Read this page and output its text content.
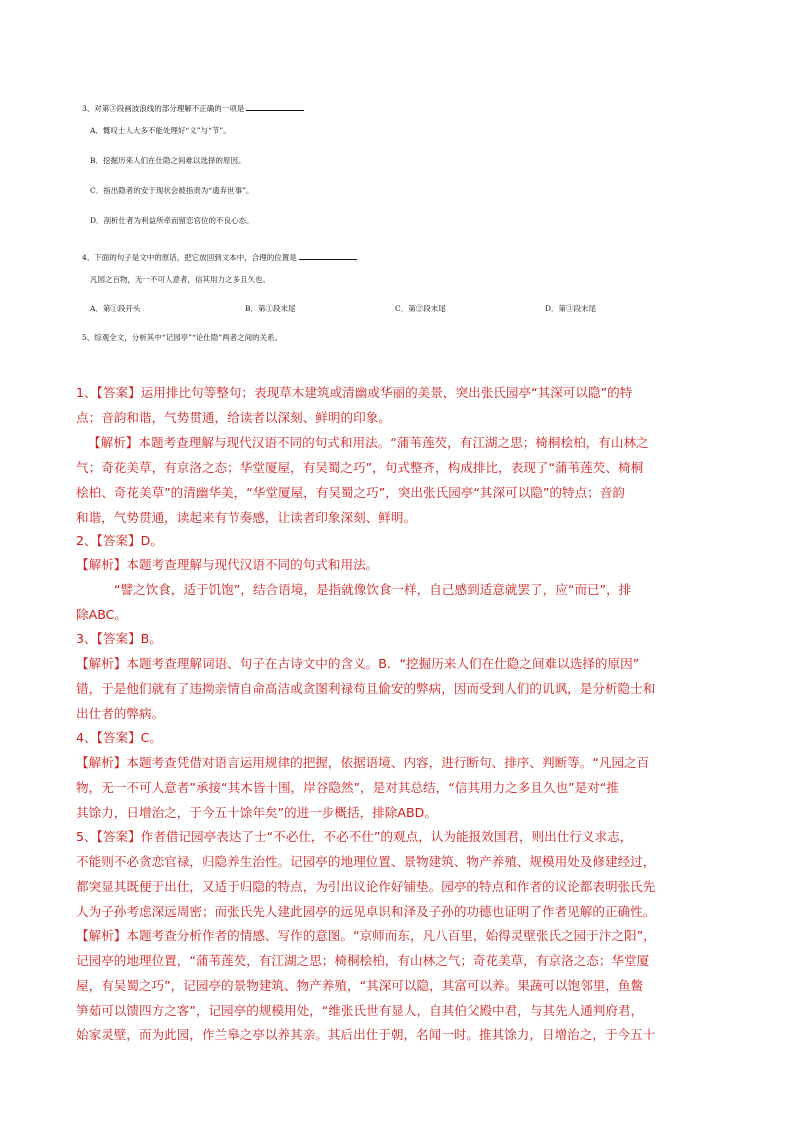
3、对第③段画波浪线的部分理解不正确的一项是
A．慨叹士人大多不能处理好“义”与“节”。
B．挖掘历来人们在仕隐之间难以选择的原因。
C．指出隐者的安于现状会被指责为“遗弃世事”。
D．剖析仕者为利益所牵而留恋官位的不良心态。
4、下面的句子是文中的原话，把它放回到文本中，合理的位置是
凡园之百物，无一不可人意者，信其用力之多且久也。
A．第①段开头	B．第①段末尾	C．第②段末尾	D．第③段末尾
5、综观全文，分析其中“记园亭”“论仕隐”两者之间的关系。
1、【答案】运用排比句等整句；表现草木建筑或清幽或华丽的美景，突出张氏园亭“其深可以隐”的特
点；音韵和谐，气势贯通，给读者以深刻、鲜明的印象。
【解析】本题考查理解与现代汉语不同的句式和用法。“蒲苇莲芡，有江湖之思；椅桐桧柏，有山林之
气；奇花美草，有京洛之态；华堂厦屋，有吴蜀之巧”，句式整齐，构成排比，表现了“蒲苇莲芡、椅桐
桧柏、奇花美草”的清幽华美，“华堂厦屋，有吴蜀之巧”，突出张氏园亭“其深可以隐”的特点；音韵
和谐，气势贯通，读起来有节奏感，让读者印象深刻、鲜明。
2、【答案】D。
【解析】本题考查理解与现代汉语不同的句式和用法。
“譬之饮食，适于饥饱”，结合语境，是指就像饮食一样，自己感到适意就罢了，应“而已”，排
除ABC。
3、【答案】B。
【解析】本题考查理解词语、句子在古诗文中的含义。B．“挖掘历来人们在仕隐之间难以选择的原因”
错，于是他们就有了违拗亲情自命高洁或贪图利禄苟且偷安的弊病，因而受到人们的讥讽，是分析隐士和
出仕者的弊病。
4、【答案】C。
【解析】本题考查凭借对语言运用规律的把握，依据语境、内容，进行断句、排序、判断等。“凡园之百
物，无一不可人意者”承接“其木皆十围，岸谷隐然”，是对其总结，“信其用力之多且久也”是对“推
其馀力，日增治之，于今五十馀年矣”的进一步概括，排除ABD。
5、【答案】作者借记园亭表达了士“不必仕，不必不仕”的观点，认为能报效国君，则出仕行义求志，
不能则不必贪恋官禄，归隐养生治性。记园亭的地理位置、景物建筑、物产养殖、规模用处及修建经过，
都突显其既便于出仕，又适于归隐的特点，为引出议论作好铺垫。园亭的特点和作者的议论都表明张氏先
人为子孙考虑深远周密；而张氏先人建此园亭的远见卓识和泽及子孙的功德也证明了作者见解的正确性。
【解析】本题考查分析作者的情感、写作的意图。“京师而东，凡八百里，始得灵壁张氏之园于汴之阳”，
记园亭的地理位置，“蒲苇莲芡，有江湖之思；椅桐桧柏，有山林之气；奇花美草，有京洛之态；华堂厦
屋，有吴蜀之巧”，记园亭的景物建筑、物产养殖，“其深可以隐，其富可以养。果蔬可以饱邻里，鱼鳖
笋茹可以馈四方之客”，记园亭的规模用处，“维张氏世有显人，自其伯父殿中君，与其先人通判府君，
始家灵壁，而为此园，作兰皋之亭以养其亲。其后出仕于朝，名闻一时。推其馀力，日增治之，于今五十
